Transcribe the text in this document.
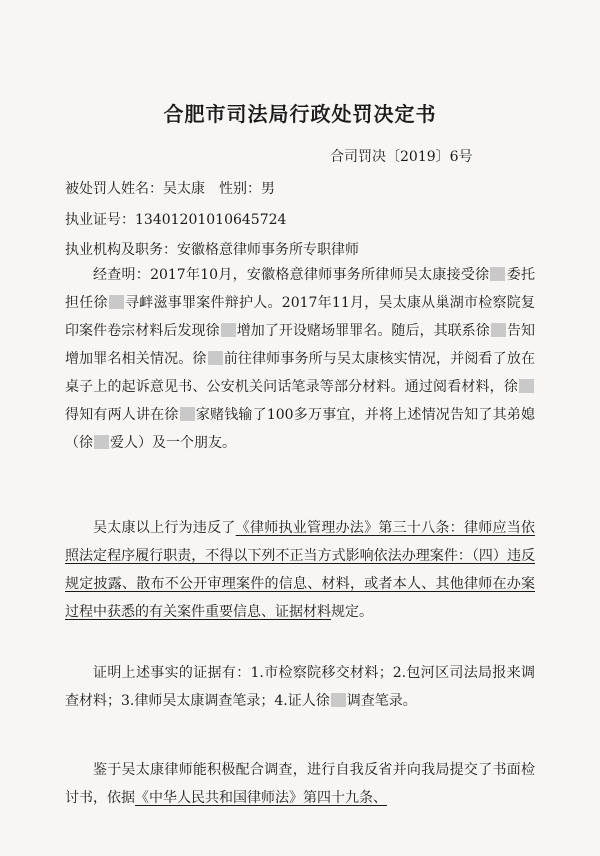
合肥市司法局行政处罚决定书
合司罚决〔2019〕6号
被处罚人姓名：吴太康　性别：男
执业证号：13401201010645724
执业机构及职务：安徽格意律师事务所专职律师
经查明：2017年10月，安徽格意律师事务所律师吴太康接受徐 委托担任徐 寻衅滋事罪案件辩护人。2017年11月，吴太康从巢湖市检察院复印案件卷宗材料后发现徐 增加了开设赌场罪罪名。随后，其联系徐 告知增加罪名相关情况。徐 前往律师事务所与吴太康核实情况，并阅看了放在桌子上的起诉意见书、公安机关问话笔录等部分材料。通过阅看材料，徐得知有两人讲在徐 家赌钱输了100多万事宜，并将上述情况告知了其弟媳（徐 爱人）及一个朋友。
吴太康以上行为违反了《律师执业管理办法》第三十八条：律师应当依照法定程序履行职责，不得以下列不正当方式影响依法办理案件：（四）违反规定披露、散布不公开审理案件的信息、材料，或者本人、其他律师在办案过程中获悉的有关案件重要信息、证据材料规定。
证明上述事实的证据有：1.市检察院移交材料；2.包河区司法局报来调查材料；3.律师吴太康调查笔录；4.证人徐 调查笔录。
鉴于吴太康律师能积极配合调查，进行自我反省并向我局提交了书面检讨书，依据《中华人民共和国律师法》第四十九条、
